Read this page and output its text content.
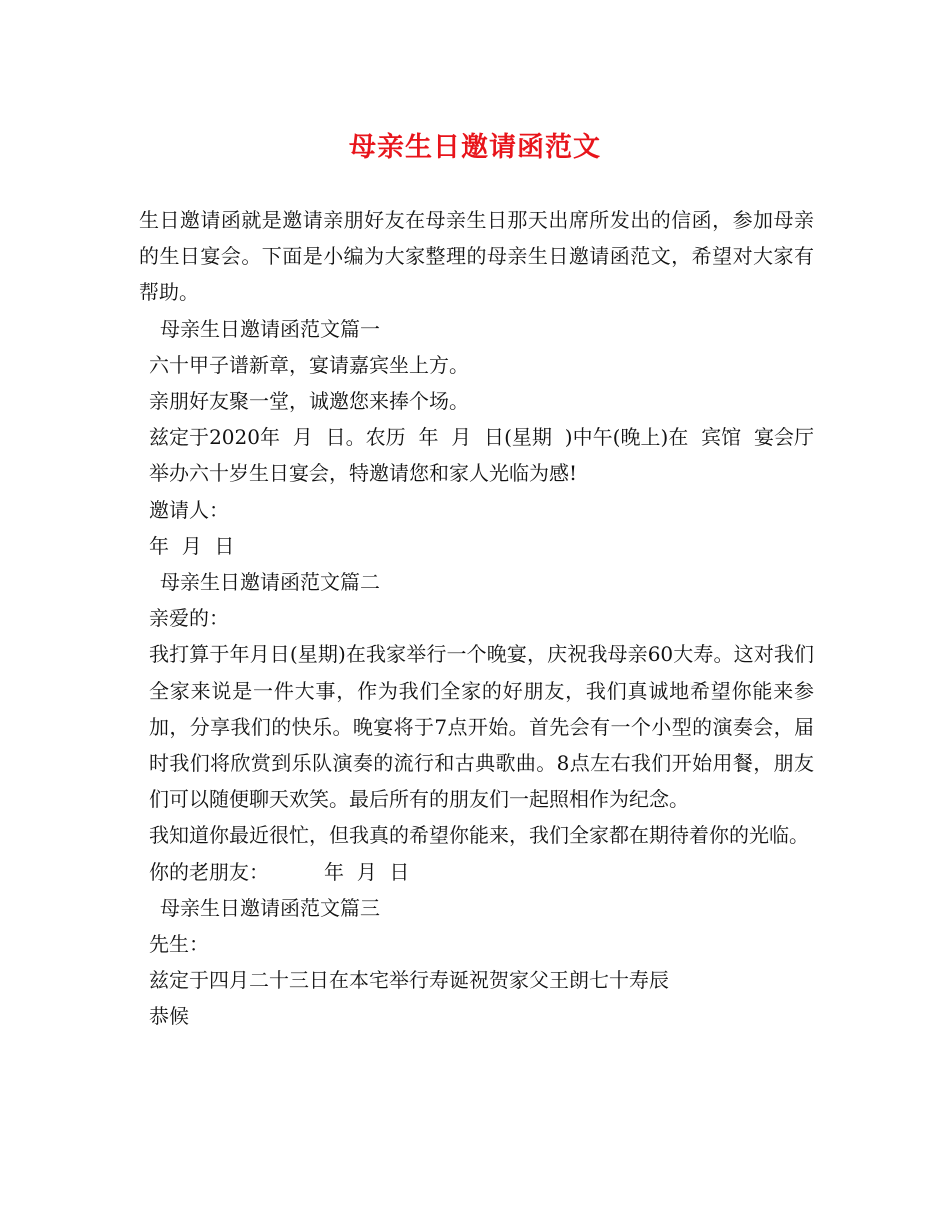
母亲生日邀请函范文

生日邀请函就是邀请亲朋好友在母亲生日那天出席所发出的信函，参加母亲的生日宴会。下面是小编为大家整理的母亲生日邀请函范文，希望对大家有帮助。

母亲生日邀请函范文篇一

六十甲子谱新章，宴请嘉宾坐上方。

亲朋好友聚一堂，诚邀您来捧个场。

兹定于2020年  月  日。农历  年  月  日(星期  )中午(晚上)在  宾馆  宴会厅举办六十岁生日宴会，特邀请您和家人光临为感!

邀请人：

年  月  日

母亲生日邀请函范文篇二

亲爱的：

我打算于年月日(星期)在我家举行一个晚宴，庆祝我母亲60大寿。这对我们全家来说是一件大事，作为我们全家的好朋友，我们真诚地希望你能来参加，分享我们的快乐。晚宴将于7点开始。首先会有一个小型的演奏会，届时我们将欣赏到乐队演奏的流行和古典歌曲。8点左右我们开始用餐，朋友们可以随便聊天欢笑。最后所有的朋友们一起照相作为纪念。

我知道你最近很忙，但我真的希望你能来，我们全家都在期待着你的光临。

你的老朋友：	年  月  日

母亲生日邀请函范文篇三

先生：

兹定于四月二十三日在本宅举行寿诞祝贺家父王朗七十寿辰

恭候
